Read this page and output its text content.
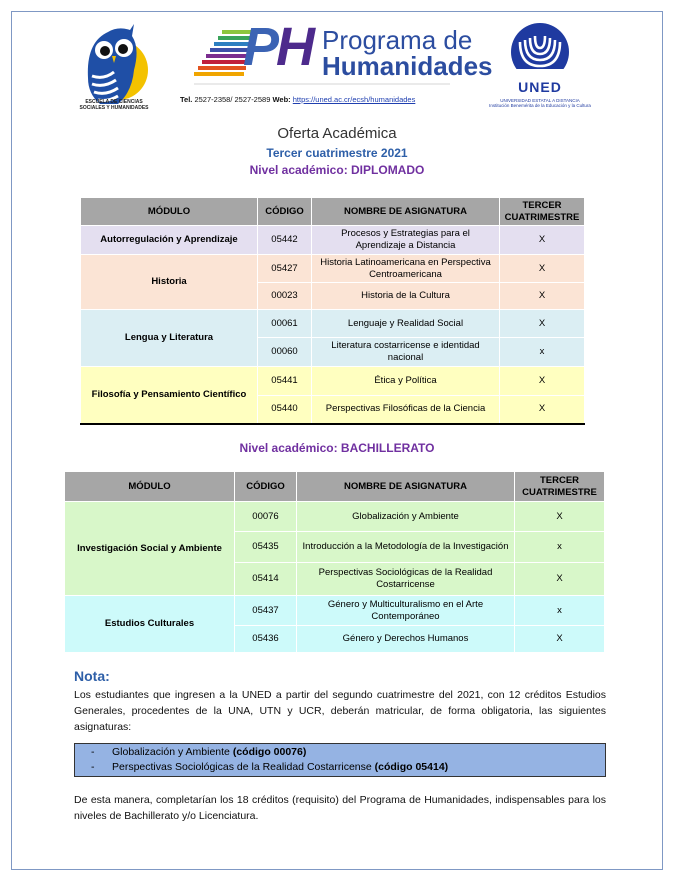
ESCUELA DE CIENCIAS SOCIALES Y HUMANIDADES
PH Programa de
Humanidades
Tel. 2527-2358/ 2527-2589 Web: https://uned.ac.cr/ecsh/humanidades
UNED
UNIVERSIDAD ESTATAL A DISTANCIA
Institución Benemérita de la Educación y la Cultura
Oferta Académica
Tercer cuatrimestre 2021
Nivel académico: DIPLOMADO
MÓDULO	CÓDIGO	NOMBRE DE ASIGNATURA	TERCER CUATRIMESTRE
Autorregulación y Aprendizaje	05442	Procesos y Estrategias para el Aprendizaje a Distancia	X
Historia	05427	Historia Latinoamericana en Perspectiva Centroamericana	X
	00023	Historia de la Cultura	X
Lengua y Literatura	00061	Lenguaje y Realidad Social	X
	00060	Literatura costarricense e identidad nacional	x
Filosofía y Pensamiento Científico	05441	Ética y Política	X
	05440	Perspectivas Filosóficas de la Ciencia	X
Nivel académico: BACHILLERATO
MÓDULO	CÓDIGO	NOMBRE DE ASIGNATURA	TERCER CUATRIMESTRE
Investigación Social y Ambiente	00076	Globalización y Ambiente	X
	05435	Introducción a la Metodología de la Investigación	x
	05414	Perspectivas Sociológicas de la Realidad Costarricense	X
Estudios Culturales	05437	Género y Multiculturalismo en el Arte Contemporáneo	x
	05436	Género y Derechos Humanos	X
Nota:
Los estudiantes que ingresen a la UNED a partir del segundo cuatrimestre del 2021, con 12 créditos Estudios Generales, procedentes de la UNA, UTN y UCR, deberán matricular, de forma obligatoria, las siguientes asignaturas:
- Globalización y Ambiente (código 00076)
- Perspectivas Sociológicas de la Realidad Costarricense (código 05414)
De esta manera, completarían los 18 créditos (requisito) del Programa de Humanidades, indispensables para los niveles de Bachillerato y/o Licenciatura.
